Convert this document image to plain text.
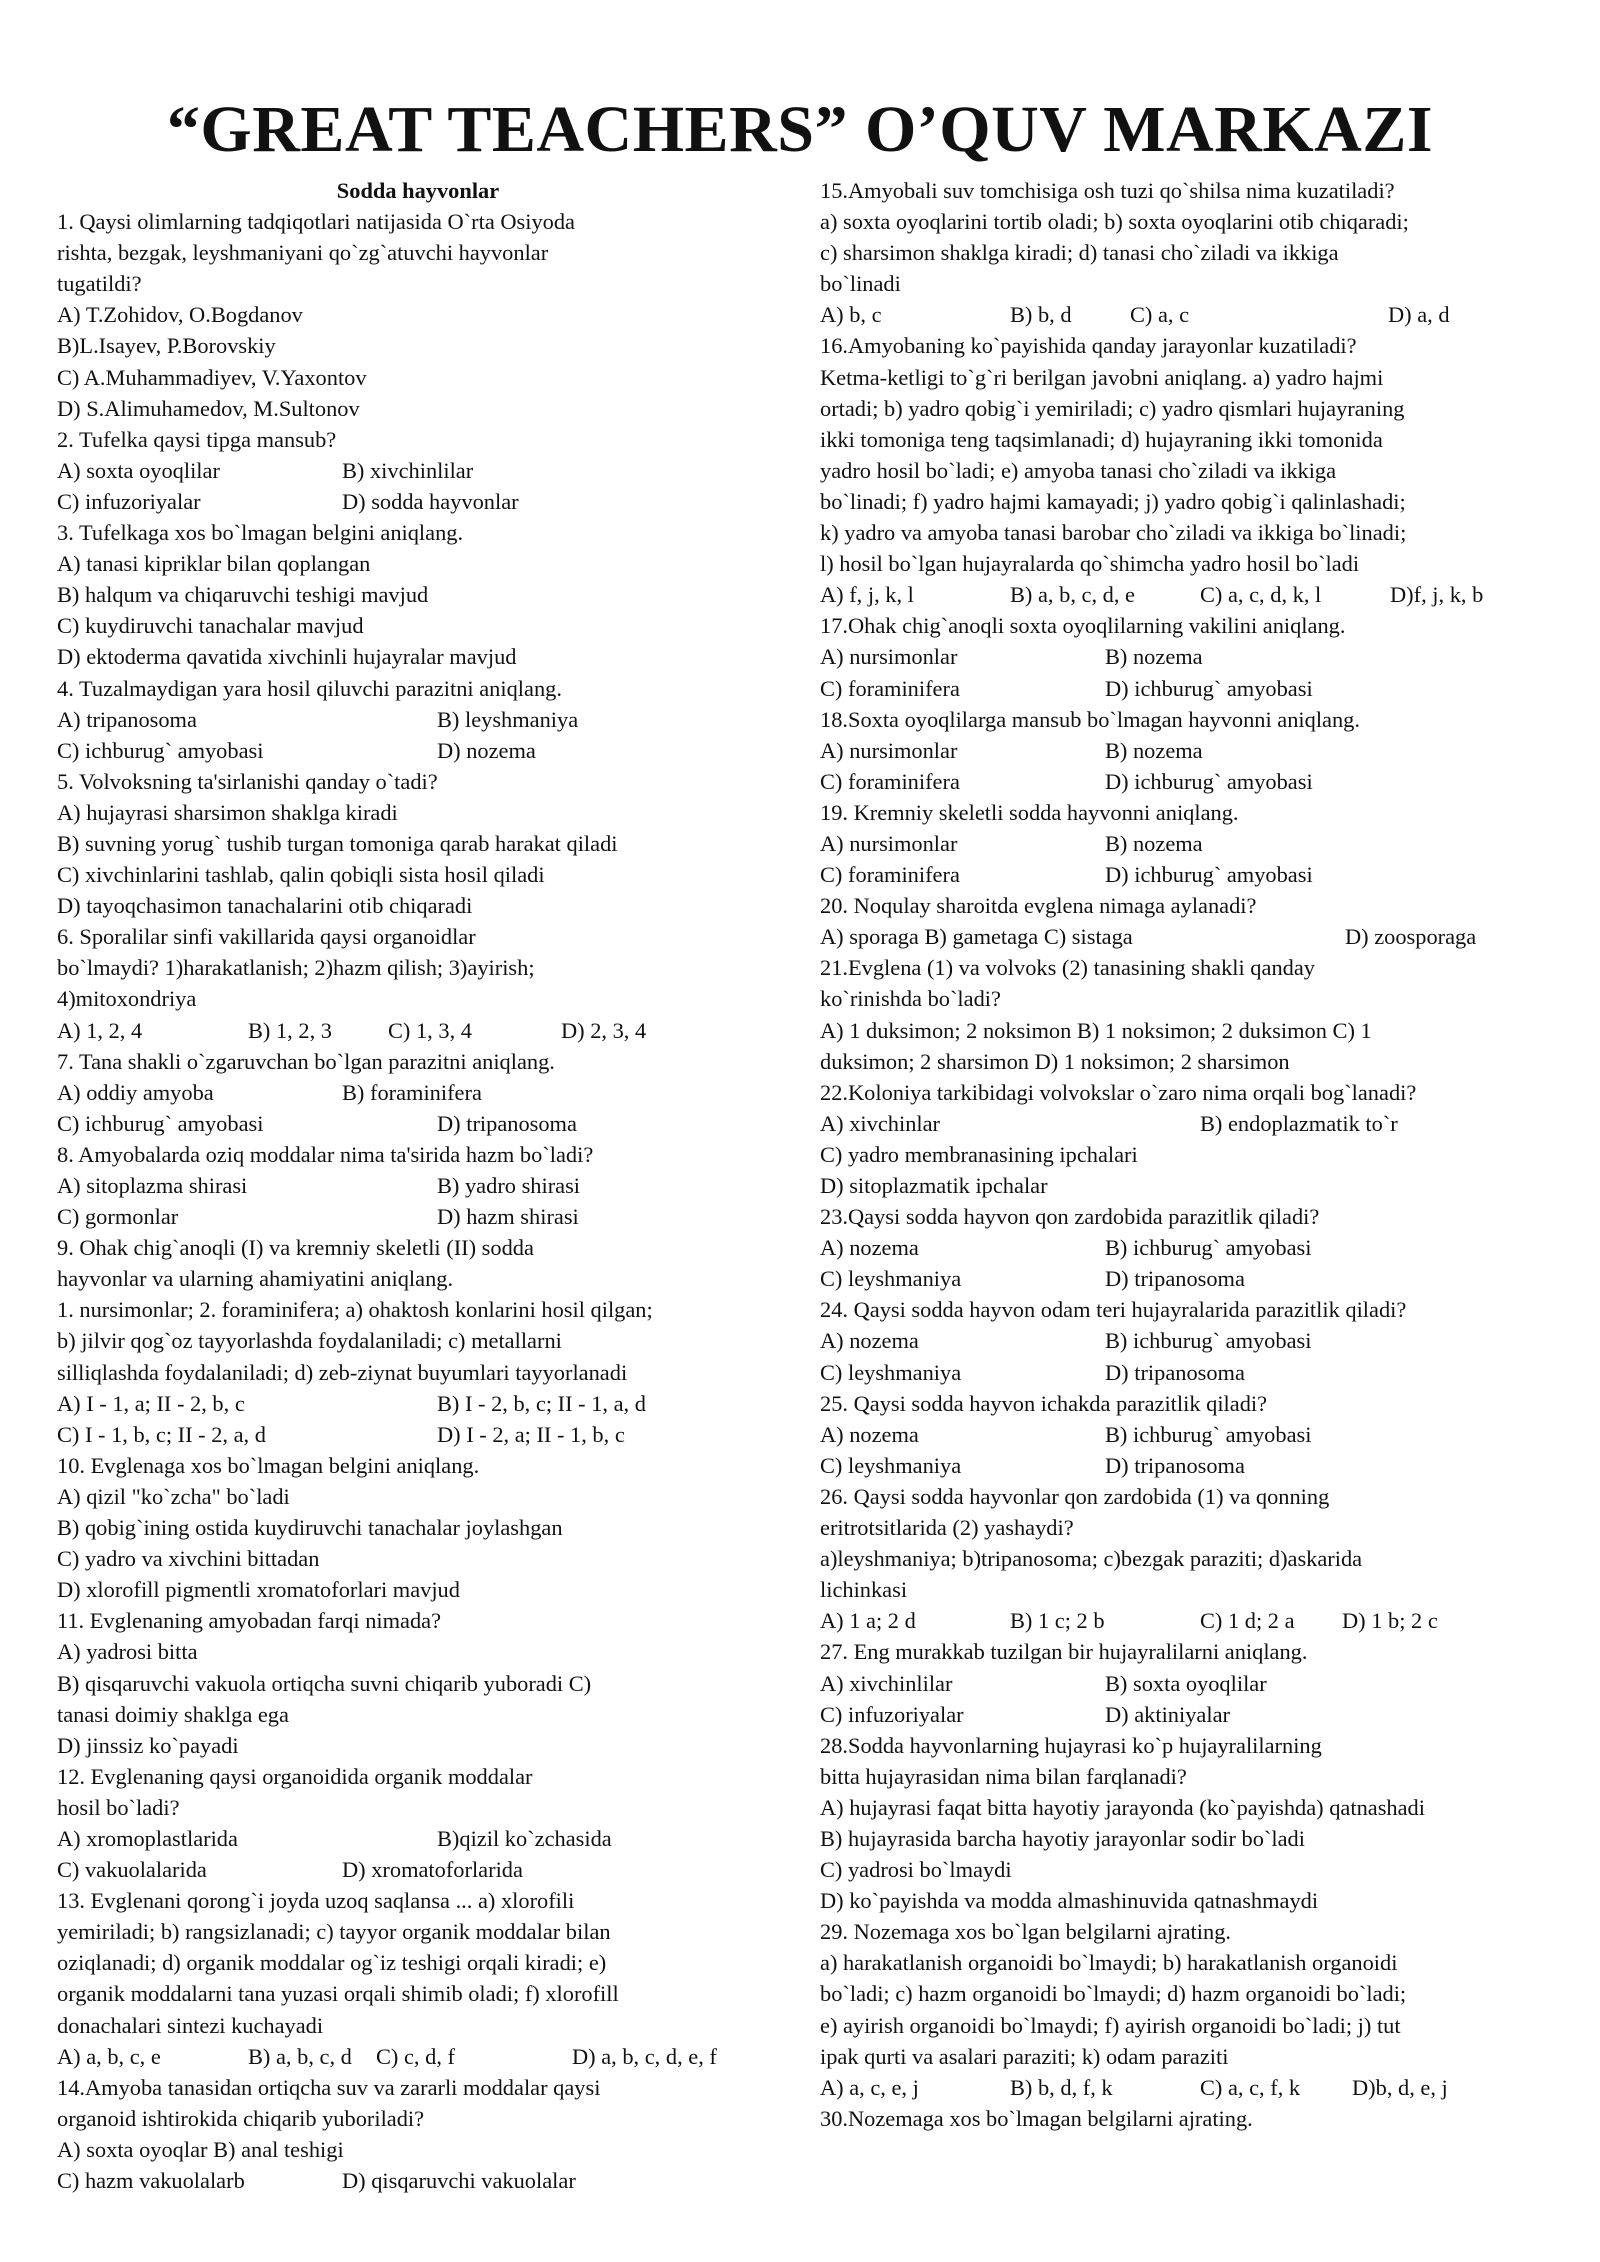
“GREAT TEACHERS” O’QUV MARKAZI
Sodda hayvonlar
1. Qaysi olimlarning tadqiqotlari natijasida O`rta Osiyoda
rishta, bezgak, leyshmaniyani qo`zg`atuvchi hayvonlar
tugatildi?
A) T.Zohidov, O.Bogdanov
B)L.Isayev, P.Borovskiy
C) A.Muhammadiyev, V.Yaxontov
D) S.Alimuhamedov, M.Sultonov
2. Tufelka qaysi tipga mansub?
A) soxta oyoqlilar	B) xivchinlilar
C) infuzoriyalar	D) sodda hayvonlar
3. Tufelkaga xos bo`lmagan belgini aniqlang.
A) tanasi kipriklar bilan qoplangan
B) halqum va chiqaruvchi teshigi mavjud
C) kuydiruvchi tanachalar mavjud
D) ektoderma qavatida xivchinli hujayralar mavjud
4. Tuzalmaydigan yara hosil qiluvchi parazitni aniqlang.
A) tripanosoma	B) leyshmaniya
C) ichburug` amyobasi	D) nozema
5. Volvoksning ta'sirlanishi qanday o`tadi?
A) hujayrasi sharsimon shaklga kiradi
B) suvning yorug` tushib turgan tomoniga qarab harakat qiladi
C) xivchinlarini tashlab, qalin qobiqli sista hosil qiladi
D) tayoqchasimon tanachalarini otib chiqaradi
6. Sporalilar sinfi vakillarida qaysi organoidlar
bo`lmaydi? 1)harakatlanish; 2)hazm qilish; 3)ayirish;
4)mitoxondriya
A) 1, 2, 4	B) 1, 2, 3	C) 1, 3, 4	D) 2, 3, 4
7. Tana shakli o`zgaruvchan bo`lgan parazitni aniqlang.
A) oddiy amyoba	B) foraminifera
C) ichburug` amyobasi	D) tripanosoma
8. Amyobalarda oziq moddalar nima ta'sirida hazm bo`ladi?
A) sitoplazma shirasi	B) yadro shirasi
C) gormonlar	D) hazm shirasi
9. Ohak chig`anoqli (I) va kremniy skeletli (II) sodda
hayvonlar va ularning ahamiyatini aniqlang.
1. nursimonlar; 2. foraminifera; a) ohaktosh konlarini hosil qilgan;
b) jilvir qog`oz tayyorlashda foydalaniladi; c) metallarni
silliqlashda foydalaniladi; d) zeb-ziynat buyumlari tayyorlanadi
A) I - 1, a; II - 2, b, c	B) I - 2, b, c; II - 1, a, d
C) I - 1, b, c; II - 2, a, d	D) I - 2, a; II - 1, b, c
10. Evglenaga xos bo`lmagan belgini aniqlang.
A) qizil "ko`zcha" bo`ladi
B) qobig`ining ostida kuydiruvchi tanachalar joylashgan
C) yadro va xivchini bittadan
D) xlorofill pigmentli xromatoforlari mavjud
11. Evglenaning amyobadan farqi nimada?
A) yadrosi bitta
B) qisqaruvchi vakuola ortiqcha suvni chiqarib yuboradi C)
tanasi doimiy shaklga ega
D) jinssiz ko`payadi
12. Evglenaning qaysi organoidida organik moddalar
hosil bo`ladi?
A) xromoplastlarida	B)qizil ko`zchasida
C) vakuolalarida	D) xromatoforlarida
13. Evglenani qorong`i joyda uzoq saqlansa ... a) xlorofili
yemiriladi; b) rangsizlanadi; c) tayyor organik moddalar bilan
oziqlanadi; d) organik moddalar og`iz teshigi orqali kiradi; e)
organik moddalarni tana yuzasi orqali shimib oladi; f) xlorofill
donachalari sintezi kuchayadi
A) a, b, c, e	B) a, b, c, d	C) c, d, f	D) a, b, c, d, e, f
14.Amyoba tanasidan ortiqcha suv va zararli moddalar qaysi
organoid ishtirokida chiqarib yuboriladi?
A) soxta oyoqlar B) anal teshigi
C) hazm vakuolalarb	D) qisqaruvchi vakuolalar
15.Amyobali suv tomchisiga osh tuzi qo`shilsa nima kuzatiladi?
a) soxta oyoqlarini tortib oladi; b) soxta oyoqlarini otib chiqaradi;
c) sharsimon shaklga kiradi; d) tanasi cho`ziladi va ikkiga
bo`linadi
A) b, c	B) b, d	C) a, c	D) a, d
16.Amyobaning ko`payishida qanday jarayonlar kuzatiladi?
Ketma-ketligi to`g`ri berilgan javobni aniqlang. a) yadro hajmi
ortadi; b) yadro qobig`i yemiriladi; c) yadro qismlari hujayraning
ikki tomoniga teng taqsimlanadi; d) hujayraning ikki tomonida
yadro hosil bo`ladi; e) amyoba tanasi cho`ziladi va ikkiga
bo`linadi; f) yadro hajmi kamayadi; j) yadro qobig`i qalinlashadi;
k) yadro va amyoba tanasi barobar cho`ziladi va ikkiga bo`linadi;
l) hosil bo`lgan hujayralarda qo`shimcha yadro hosil bo`ladi
A) f, j, k, l	B) a, b, c, d, e	C) a, c, d, k, l	D)f, j, k, b
17.Ohak chig`anoqli soxta oyoqlilarning vakilini aniqlang.
A) nursimonlar	B) nozema
C) foraminifera	D) ichburug` amyobasi
18.Soxta oyoqlilarga mansub bo`lmagan hayvonni aniqlang.
A) nursimonlar	B) nozema
C) foraminifera	D) ichburug` amyobasi
19. Kremniy skeletli sodda hayvonni aniqlang.
A) nursimonlar	B) nozema
C) foraminifera	D) ichburug` amyobasi
20. Noqulay sharoitda evglena nimaga aylanadi?
A) sporaga B) gametaga C) sistaga	D) zoosporaga
21.Evglena (1) va volvoks (2) tanasining shakli qanday
ko`rinishda bo`ladi?
A) 1 duksimon; 2 noksimon B) 1 noksimon; 2 duksimon C) 1
duksimon; 2 sharsimon D) 1 noksimon; 2 sharsimon
22.Koloniya tarkibidagi volvokslar o`zaro nima orqali bog`lanadi?
A) xivchinlar	B) endoplazmatik to`r
C) yadro membranasining ipchalari
D) sitoplazmatik ipchalar
23.Qaysi sodda hayvon qon zardobida parazitlik qiladi?
A) nozema	B) ichburug` amyobasi
C) leyshmaniya	D) tripanosoma
24. Qaysi sodda hayvon odam teri hujayralarida parazitlik qiladi?
A) nozema	B) ichburug` amyobasi
C) leyshmaniya	D) tripanosoma
25. Qaysi sodda hayvon ichakda parazitlik qiladi?
A) nozema	B) ichburug` amyobasi
C) leyshmaniya	D) tripanosoma
26. Qaysi sodda hayvonlar qon zardobida (1) va qonning
eritrotsitlarida (2) yashaydi?
a)leyshmaniya; b)tripanosoma; c)bezgak paraziti; d)askarida
lichinkasi
A) 1 a; 2 d	B) 1 c; 2 b	C) 1 d; 2 a	D) 1 b; 2 c
27. Eng murakkab tuzilgan bir hujayralilarni aniqlang.
A) xivchinlilar	B) soxta oyoqlilar
C) infuzoriyalar	D) aktiniyalar
28.Sodda hayvonlarning hujayrasi ko`p hujayralilarning
bitta hujayrasidan nima bilan farqlanadi?
A) hujayrasi faqat bitta hayotiy jarayonda (ko`payishda) qatnashadi
B) hujayrasida barcha hayotiy jarayonlar sodir bo`ladi
C) yadrosi bo`lmaydi
D) ko`payishda va modda almashinuvida qatnashmaydi
29. Nozemaga xos bo`lgan belgilarni ajrating.
a) harakatlanish organoidi bo`lmaydi; b) harakatlanish organoidi
bo`ladi; c) hazm organoidi bo`lmaydi; d) hazm organoidi bo`ladi;
e) ayirish organoidi bo`lmaydi; f) ayirish organoidi bo`ladi; j) tut
ipak qurti va asalari paraziti; k) odam paraziti
A) a, c, e, j	B) b, d, f, k	C) a, c, f, k	D)b, d, e, j
30.Nozemaga xos bo`lmagan belgilarni ajrating.
